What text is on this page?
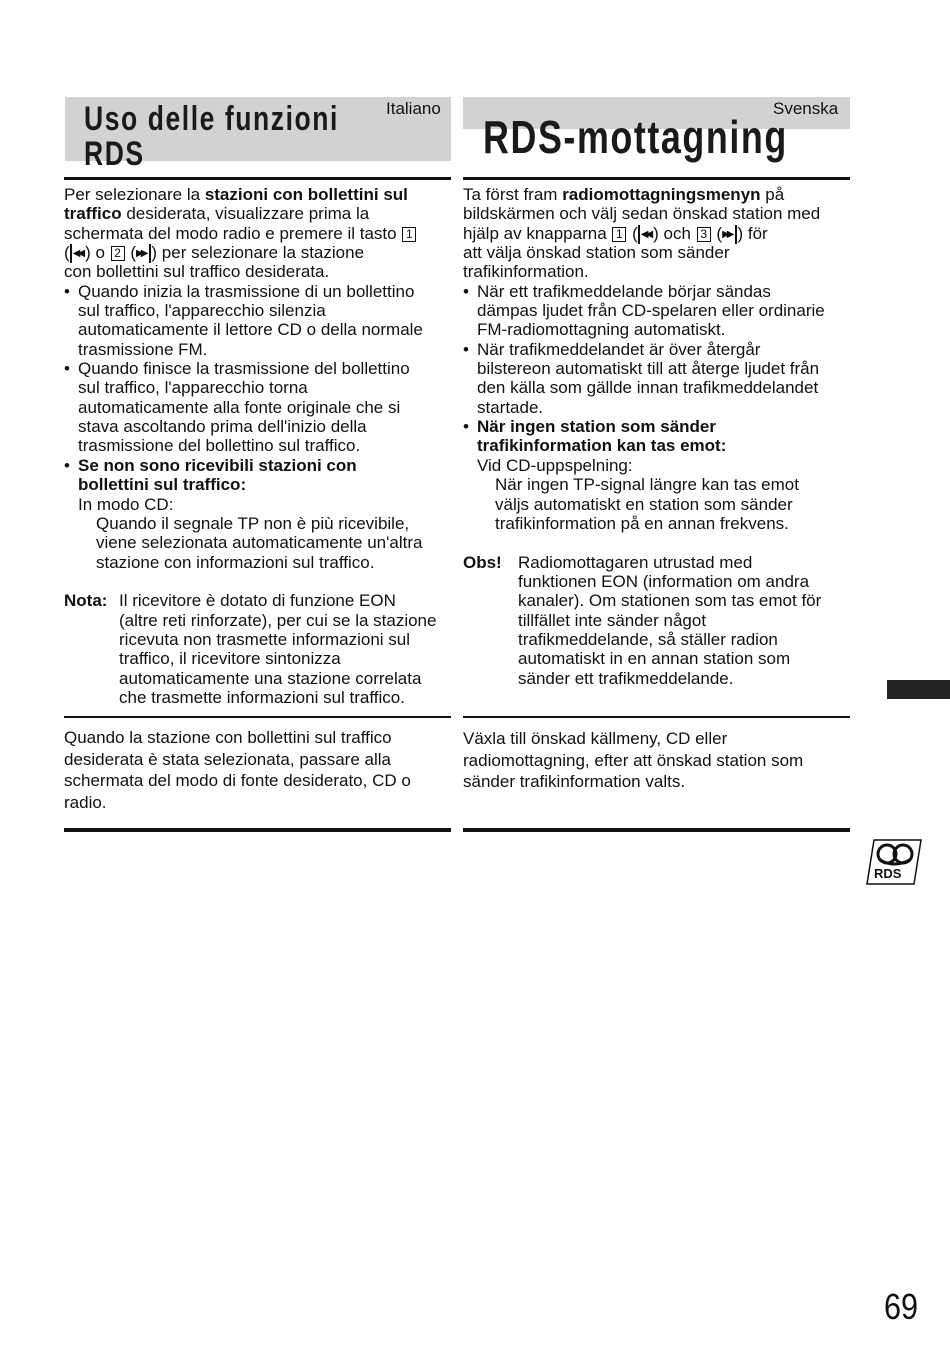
Uso delle funzioni
RDS
Italiano	Svenska
RDS-mottagning
Per selezionare la stazioni con bollettini sul
traffico desiderata, visualizzare prima la
schermata del modo radio e premere il tasto 1
( ◀◀ ) o 2 (▶▶ ) per selezionare la stazione
con bollettini sul traffico desiderata.
• Quando inizia la trasmissione di un bollettino
sul traffico, l'apparecchio silenzia
automaticamente il lettore CD o della normale
trasmissione FM.
• Quando finisce la trasmissione del bollettino
sul traffico, l'apparecchio torna
automaticamente alla fonte originale che si
stava ascoltando prima dell'inizio della
trasmissione del bollettino sul traffico.
• Se non sono ricevibili stazioni con
bollettini sul traffico:
In modo CD:
Quando il segnale TP non è più ricevibile,
viene selezionata automaticamente un'altra
stazione con informazioni sul traffico.
Nota: Il ricevitore è dotato di funzione EON
(altre reti rinforzate), per cui se la stazione
ricevuta non trasmette informazioni sul
traffico, il ricevitore sintonizza
automaticamente una stazione correlata
che trasmette informazioni sul traffico.
Ta först fram radiomottagningsmenyn på
bildskärmen och välj sedan önskad station med
hjälp av knapparna 1 ( ◀◀ ) och 3 (▶▶ ) för
att välja önskad station som sänder
trafikinformation.
• När ett trafikmeddelande börjar sändas
dämpas ljudet från CD-spelaren eller ordinarie
FM-radiomottagning automatiskt.
• När trafikmeddelandet är över återgår
bilstereon automatiskt till att återge ljudet från
den källa som gällde innan trafikmeddelandet
startade.
• När ingen station som sänder
trafikinformation kan tas emot:
Vid CD-uppspelning:
När ingen TP-signal längre kan tas emot
väljs automatiskt en station som sänder
trafikinformation på en annan frekvens.
Obs! Radiomottagaren utrustad med
funktionen EON (information om andra
kanaler). Om stationen som tas emot för
tillfället inte sänder något
trafikmeddelande, så ställer radion
automatiskt in en annan station som
sänder ett trafikmeddelande.
Quando la stazione con bollettini sul traffico
desiderata è stata selezionata, passare alla
schermata del modo di fonte desiderato, CD o
radio.
Växla till önskad källmeny, CD eller
radiomottagning, efter att önskad station som
sänder trafikinformation valts.
RDS
69
